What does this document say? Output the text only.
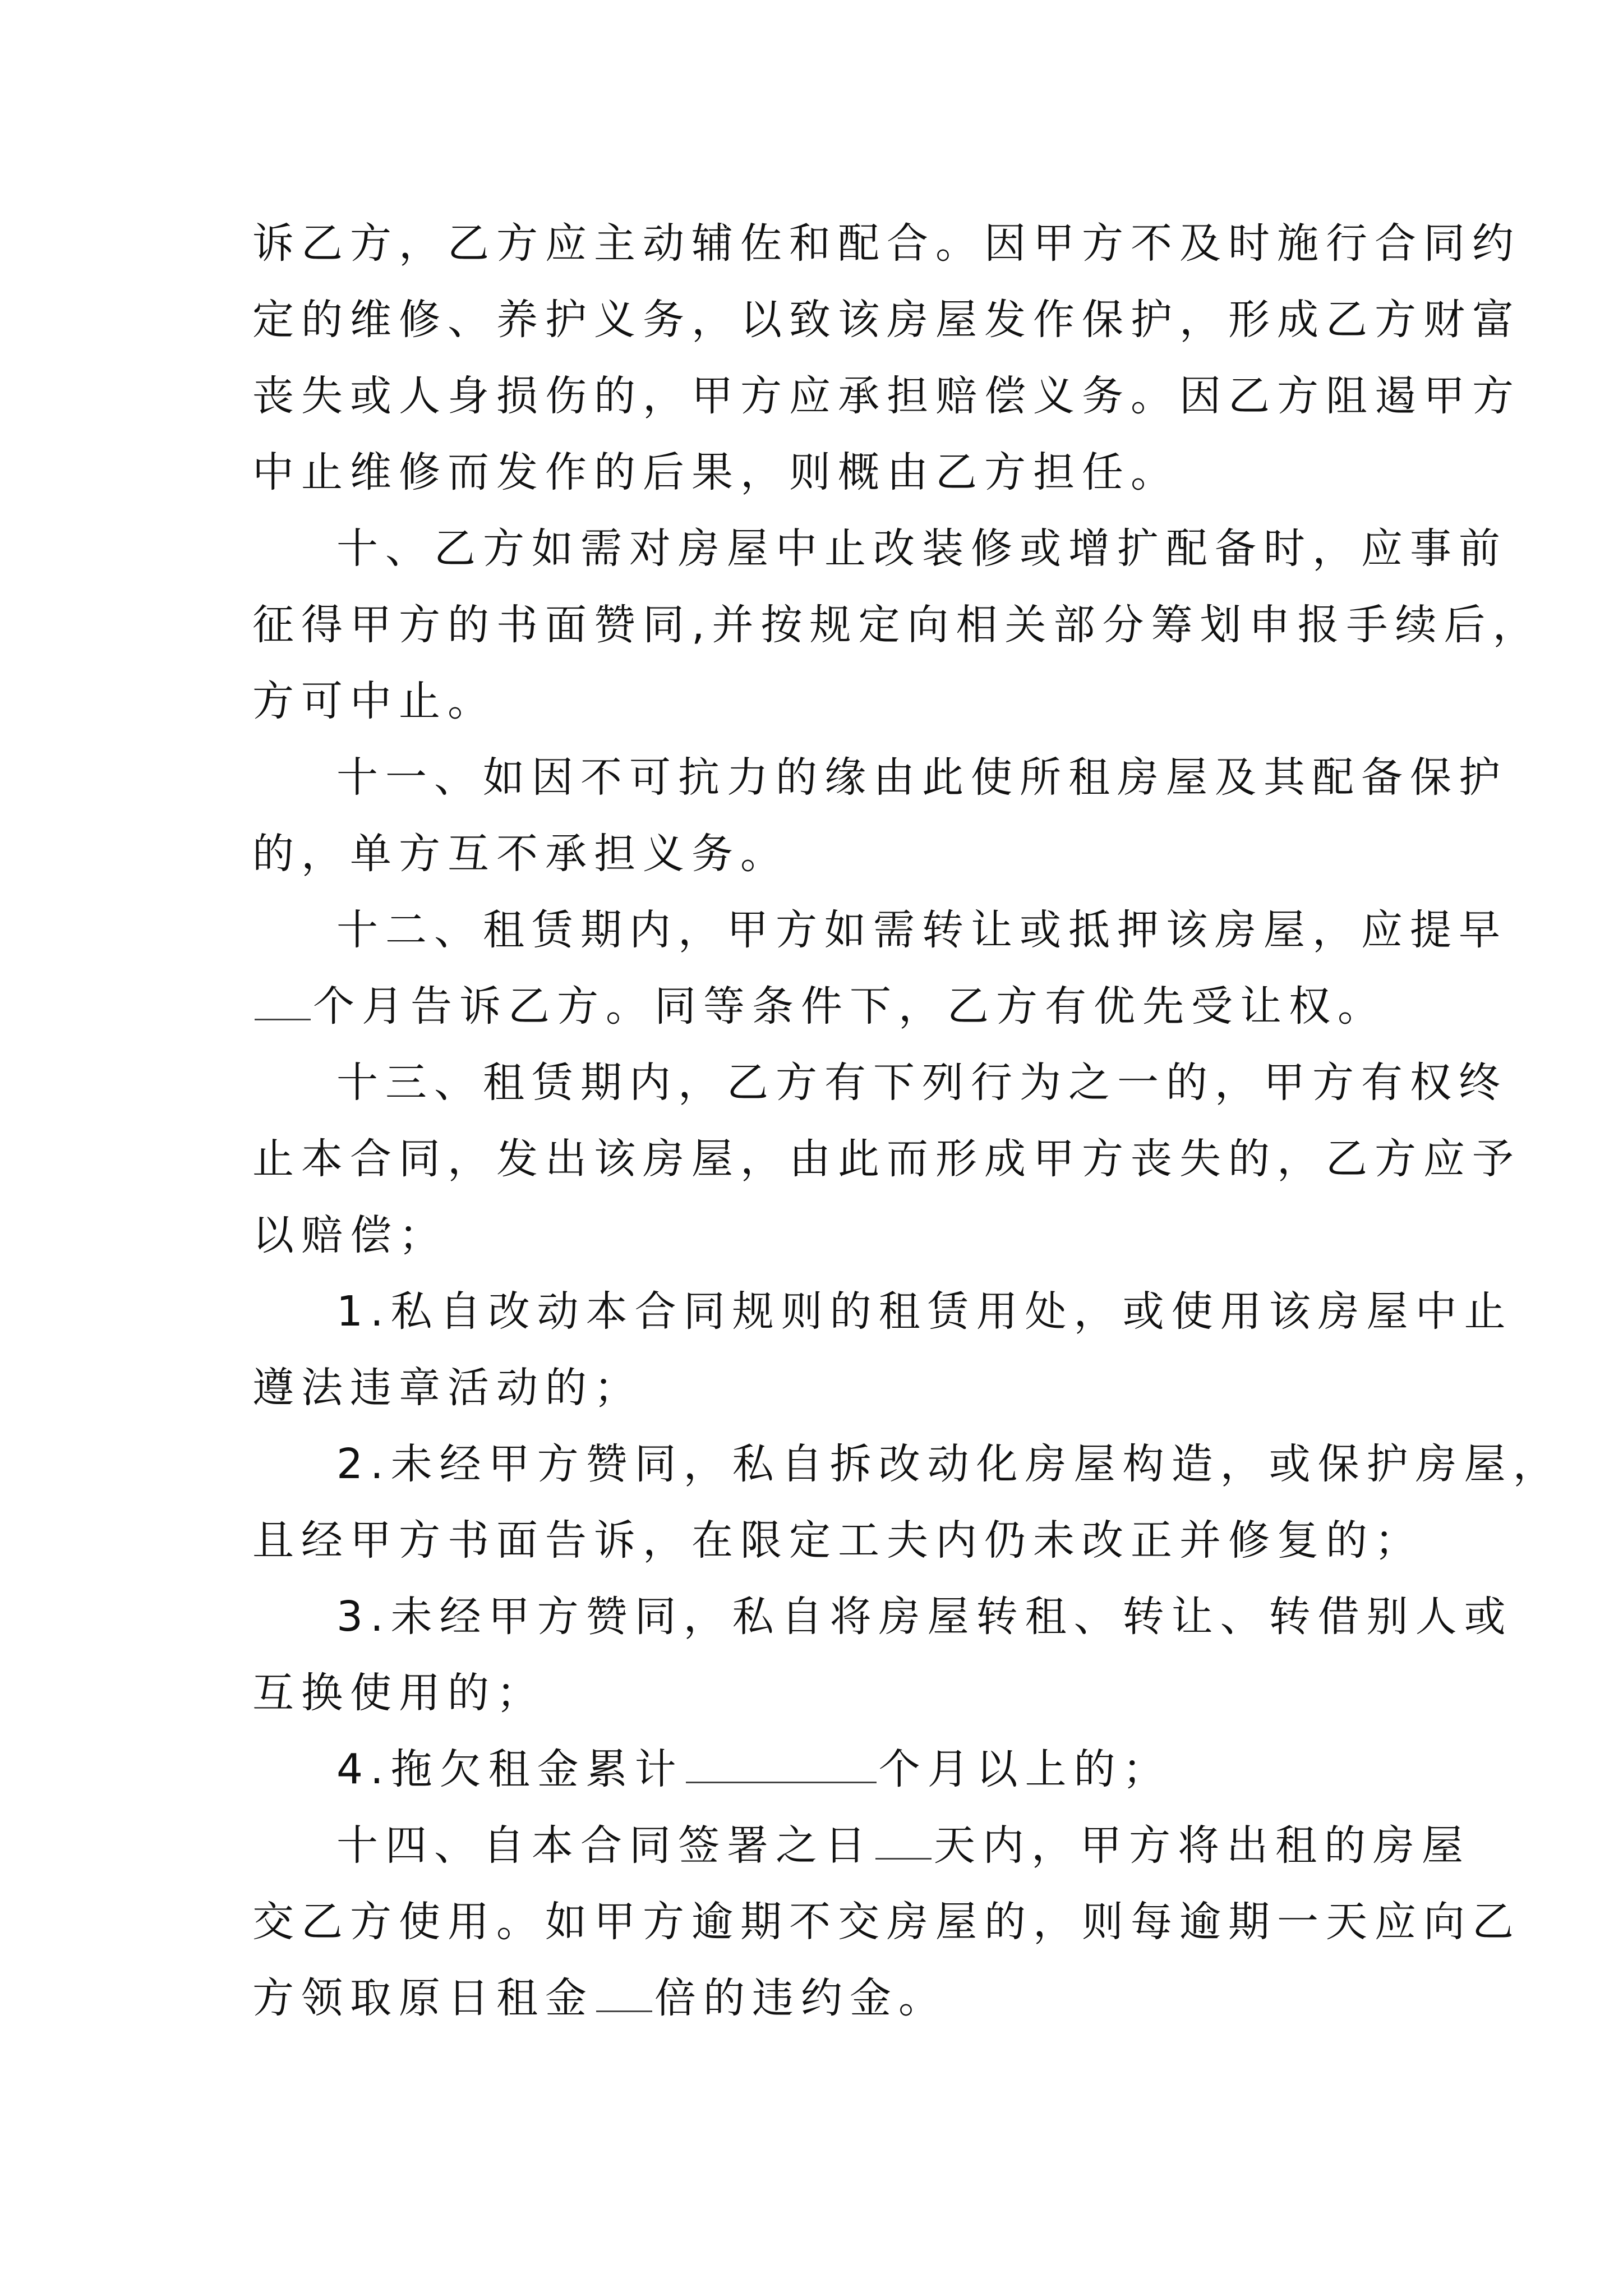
诉乙方，乙方应主动辅佐和配合。因甲方不及时施行合同约
定的维修、养护义务，以致该房屋发作保护，形成乙方财富
丧失或人身损伤的，甲方应承担赔偿义务。因乙方阻遏甲方
中止维修而发作的后果，则概由乙方担任。
十、乙方如需对房屋中止改装修或增扩配备时，应事前
征得甲方的书面赞同,并按规定向相关部分筹划申报手续后，
方可中止。
十一、如因不可抗力的缘由此使所租房屋及其配备保护
的，单方互不承担义务。
十二、租赁期内，甲方如需转让或抵押该房屋，应提早
个月告诉乙方。同等条件下，乙方有优先受让权。
十三、租赁期内，乙方有下列行为之一的，甲方有权终
止本合同，发出该房屋，由此而形成甲方丧失的，乙方应予
以赔偿；
1.私自改动本合同规则的租赁用处，或使用该房屋中止
遵法违章活动的；
2.未经甲方赞同，私自拆改动化房屋构造，或保护房屋，
且经甲方书面告诉，在限定工夫内仍未改正并修复的；
3.未经甲方赞同，私自将房屋转租、转让、转借别人或
互换使用的；
4.拖欠租金累计	个月以上的；
十四、自本合同签署之日 天内，甲方将出租的房屋
交乙方使用。如甲方逾期不交房屋的，则每逾期一天应向乙
方领取原日租金 倍的违约金。
